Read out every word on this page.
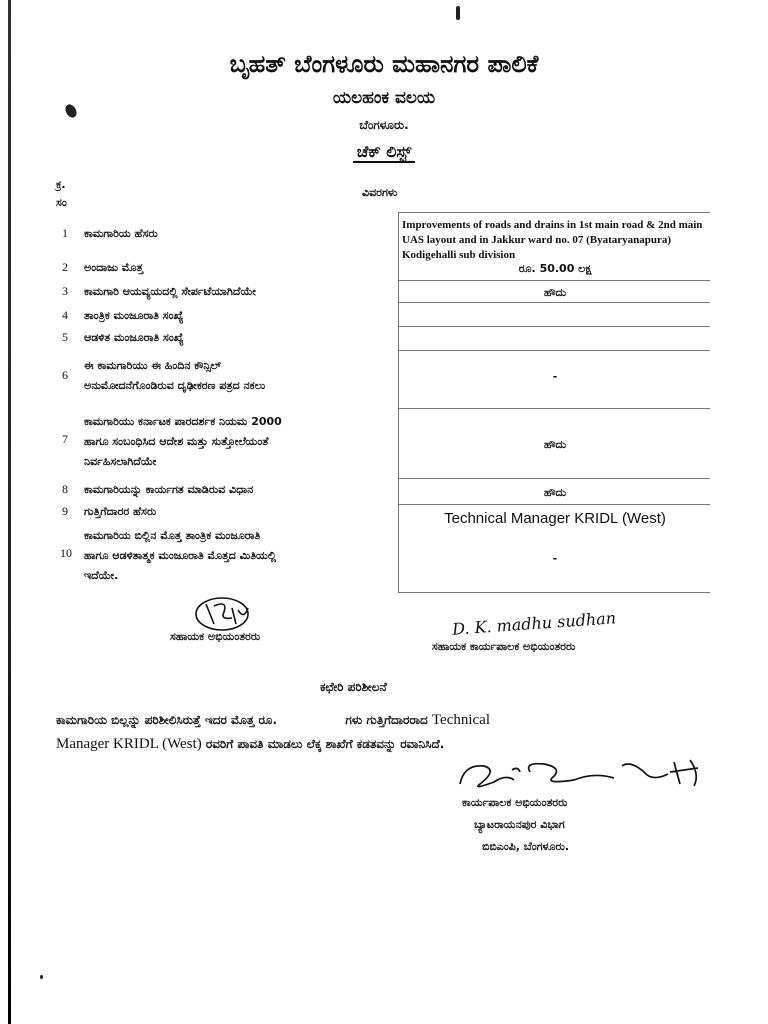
ಬೃಹತ್ ಬೆಂಗಳೂರು ಮಹಾನಗರ ಪಾಲಿಕೆ
ಯಲಹಂಕ ವಲಯ
ಬೆಂಗಳೂರು.
ಚೆಕ್ ಲಿಸ್ಟ್
ಕ್ರ.
ಸಂ
ವಿವರಗಳು
1 ಕಾಮಗಾರಿಯ ಹೆಸರು
Improvements of roads and drains in 1st main road & 2nd main UAS layout and in Jakkur ward no. 07 (Byataryanapura) Kodigehalli sub division
2 ಅಂದಾಜು ಮೊತ್ತ	ರೂ. 50.00 ಲಕ್ಷ
3 ಕಾಮಗಾರಿ ಆಯವ್ಯಯದಲ್ಲಿ ಸೇರ್ಪಟೆಯಾಗಿದೆಯೇ	ಹೌದು
4 ತಾಂತ್ರಿಕ ಮಂಜೂರಾತಿ ಸಂಖ್ಯೆ
5 ಆಡಳಿತ ಮಂಜೂರಾತಿ ಸಂಖ್ಯೆ
6
ಈ ಕಾಮಗಾರಿಯು ಈ ಹಿಂದಿನ ಕೌನ್ಸಿಲ್
ಅನುಮೋದನೆಗೊಂಡಿರುವ ದೃಢೀಕರಣ ಪತ್ರದ ನಕಲು
-
7
ಕಾಮಗಾರಿಯು ಕರ್ನಾಟಕ ಪಾರದರ್ಶಕ ನಿಯಮ 2000
ಹಾಗೂ ಸಂಬಂಧಿಸಿದ ಆದೇಶ ಮತ್ತು ಸುತ್ತೋಲೆಯಂತೆ
ನಿರ್ವಹಿಸಲಾಗಿದೆಯೇ
ಹೌದು
8 ಕಾಮಗಾರಿಯನ್ನು ಕಾರ್ಯಗತ ಮಾಡಿರುವ ವಿಧಾನ	ಹೌದು
9 ಗುತ್ತಿಗೆದಾರರ ಹೆಸರು	Technical Manager KRIDL (West)
10
ಕಾಮಗಾರಿಯ ಬಿಲ್ಲಿನ ಮೊತ್ತ ತಾಂತ್ರಿಕ ಮಂಜೂರಾತಿ
ಹಾಗೂ ಆಡಳಿತಾತ್ಮಕ ಮಂಜೂರಾತಿ ಮೊತ್ತದ ಮಿತಿಯಲ್ಲಿ
ಇದೆಯೇ.
-
ಸಹಾಯಕ ಅಭಿಯಂತರರು	D. K. madhu sudhan
ಸಹಾಯಕ ಕಾರ್ಯಪಾಲಕ ಅಭಿಯಂತರರು
ಕಛೇರಿ ಪರಿಶೀಲನೆ
ಕಾಮಗಾರಿಯ ಬಿಲ್ಲನ್ನು ಪರಿಶೀಲಿಸಿರುತ್ತೆ ಇದರ ಮೊತ್ತ ರೂ.	ಗಳು ಗುತ್ತಿಗೆದಾರರಾದ Technical
Manager KRIDL (West) ರವರಿಗೆ ಪಾವತಿ ಮಾಡಲು ಲೆಕ್ಕ ಶಾಖೆಗೆ ಕಡತವನ್ನು ರವಾನಿಸಿದೆ.
ಕಾರ್ಯಪಾಲಕ ಅಭಿಯಂತರರು
ಬ್ಯಾಟರಾಯನಪುರ ವಿಭಾಗ
ಬಿಬಿಎಂಪಿ, ಬೆಂಗಳೂರು.
